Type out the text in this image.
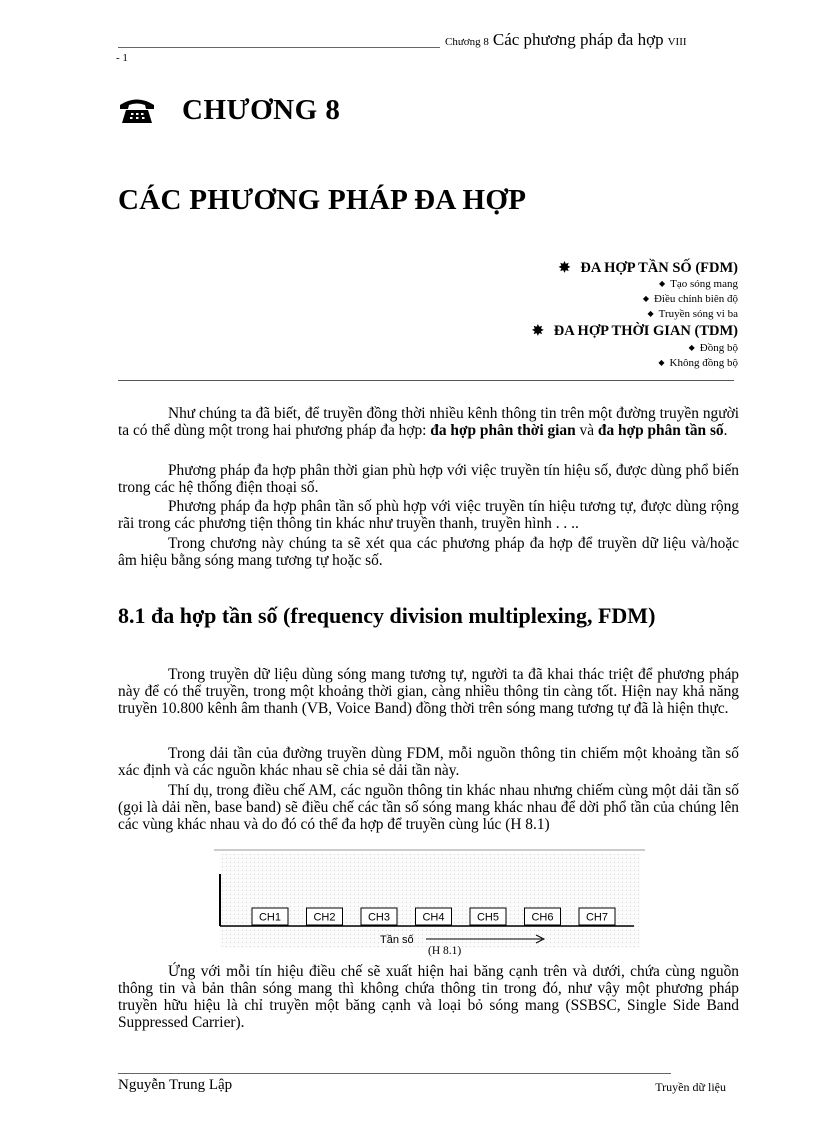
Chương 8 Các phương pháp đa hợp VIII
- 1
CHƯƠNG 8
CÁC PHƯƠNG PHÁP ĐA HỢP
✸ ĐA HỢP TẦN SỐ (FDM)
◆ Tạo sóng mang
◆ Điều chỉnh biên độ
◆ Truyền sóng vi ba
✸ ĐA HỢP THỜI GIAN (TDM)
◆ Đồng bộ
◆ Không đồng bộ

Như chúng ta đã biết, để truyền đồng thời nhiều kênh thông tin trên một đường truyền người ta có thể dùng một trong hai phương pháp đa hợp: đa hợp phân thời gian và đa hợp phân tần số.

Phương pháp đa hợp phân thời gian phù hợp với việc truyền tín hiệu số, được dùng phổ biến trong các hệ thống điện thoại số.

Phương pháp đa hợp phân tần số phù hợp với việc truyền tín hiệu tương tự, được dùng rộng rãi trong các phương tiện thông tin khác như truyền thanh, truyền hình . . ..

Trong chương này chúng ta sẽ xét qua các phương pháp đa hợp để truyền dữ liệu và/hoặc âm hiệu bằng sóng mang tương tự hoặc số.

8.1 đa hợp tần số (frequency division multiplexing, FDM)

Trong truyền dữ liệu dùng sóng mang tương tự, người ta đã khai thác triệt để phương pháp này để có thể truyền, trong một khoảng thời gian, càng nhiều thông tin càng tốt. Hiện nay khả năng truyền 10.800 kênh âm thanh (VB, Voice Band) đồng thời trên sóng mang tương tự đã là hiện thực.

Trong dải tần của đường truyền dùng FDM, mỗi nguồn thông tin chiếm một khoảng tần số xác định và các nguồn khác nhau sẽ chia sẻ dải tần này.

Thí dụ, trong điều chế AM, các nguồn thông tin khác nhau nhưng chiếm cùng một dải tần số (gọi là dải nền, base band) sẽ điều chế các tần số sóng mang khác nhau để dời phổ tần của chúng lên các vùng khác nhau và do đó có thể đa hợp để truyền cùng lúc (H 8.1)

CH1	CH2	CH3	CH4	CH5	CH6	CH7
Tần số
(H 8.1)

Ứng với mỗi tín hiệu điều chế sẽ xuất hiện hai băng cạnh trên và dưới, chứa cùng nguồn thông tin và bản thân sóng mang thì không chứa thông tin trong đó, như vậy một phương pháp truyền hữu hiệu là chỉ truyền một băng cạnh và loại bỏ sóng mang (SSBSC, Single Side Band Suppressed Carrier).

Nguyễn Trung Lập	Truyền dữ liệu
